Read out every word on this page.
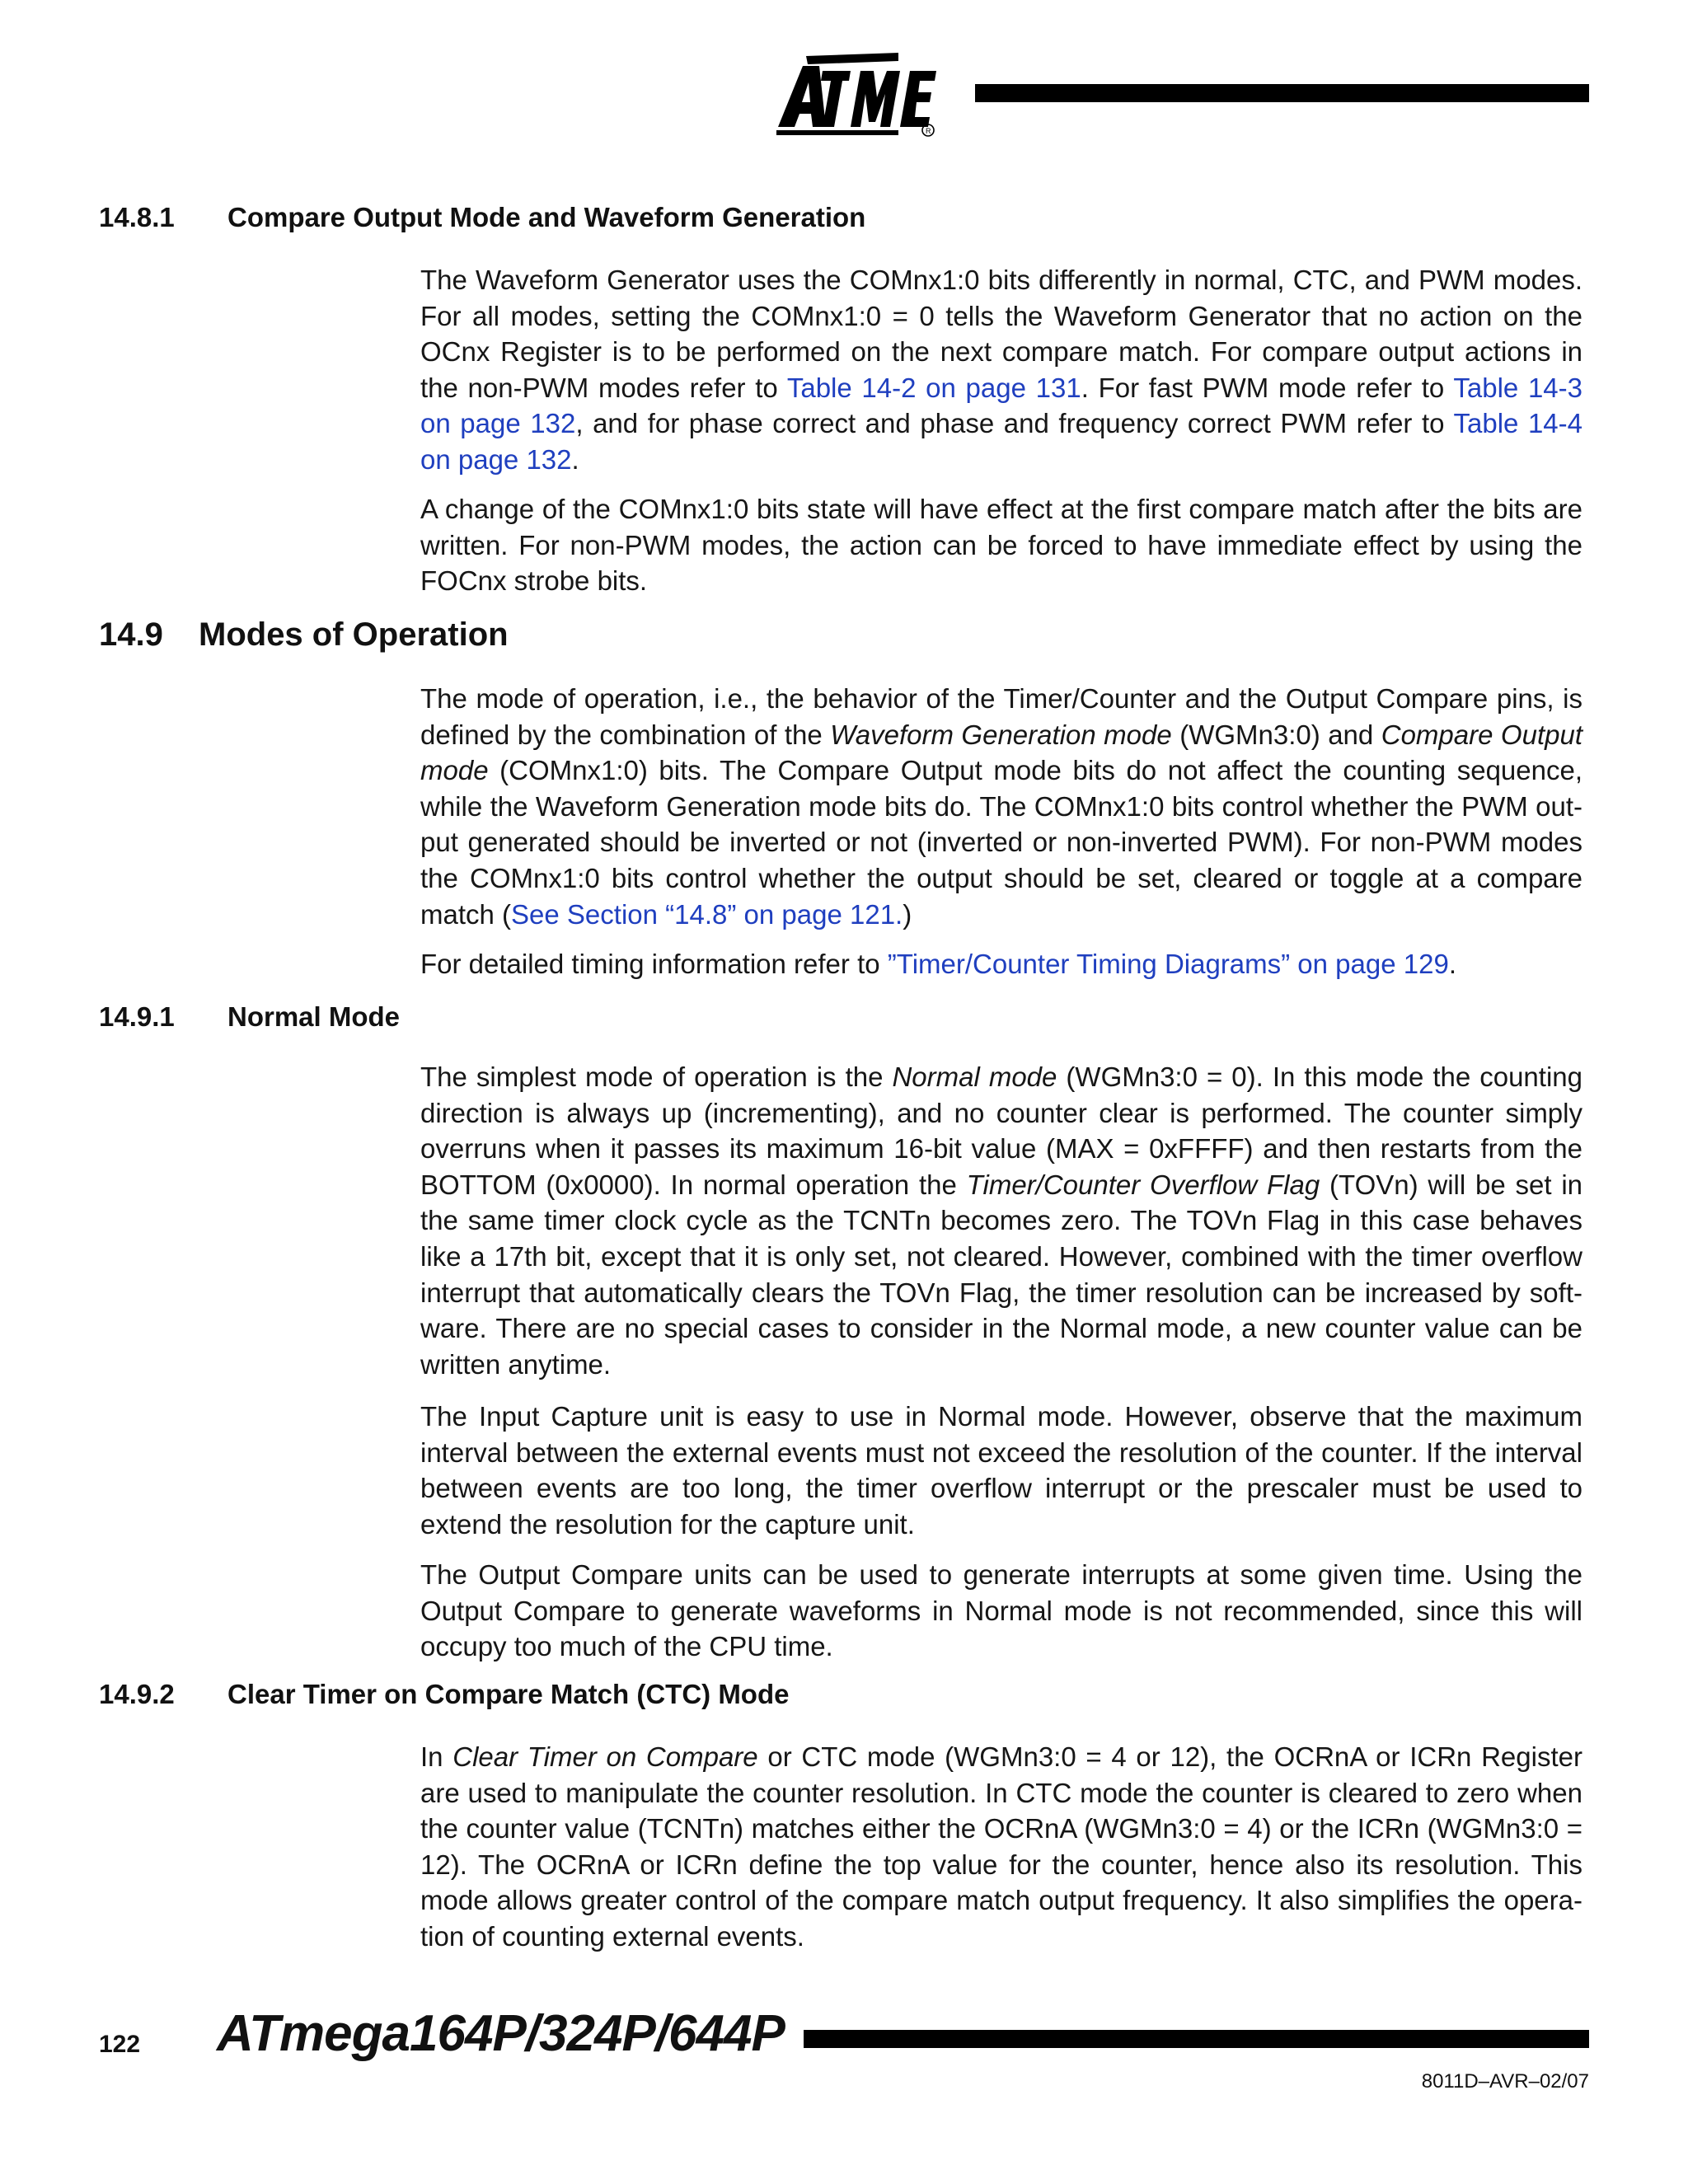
R
14.8.1 Compare Output Mode and Waveform Generation
The Waveform Generator uses the COMnx1:0 bits differently in normal, CTC, and PWM modes. For all modes, setting the COMnx1:0 = 0 tells the Waveform Generator that no action on the OCnx Register is to be performed on the next compare match. For compare output actions in the non-PWM modes refer to Table 14-2 on page 131. For fast PWM mode refer to Table 14-3 on page 132, and for phase correct and phase and frequency correct PWM refer to Table 14-4 on page 132.
A change of the COMnx1:0 bits state will have effect at the first compare match after the bits are written. For non-PWM modes, the action can be forced to have immediate effect by using the FOCnx strobe bits.
14.9 Modes of Operation
The mode of operation, i.e., the behavior of the Timer/Counter and the Output Compare pins, is defined by the combination of the Waveform Generation mode (WGMn3:0) and Compare Output mode (COMnx1:0) bits. The Compare Output mode bits do not affect the counting sequence, while the Waveform Generation mode bits do. The COMnx1:0 bits control whether the PWM out-put generated should be inverted or not (inverted or non-inverted PWM). For non-PWM modes the COMnx1:0 bits control whether the output should be set, cleared or toggle at a compare match (See Section “14.8” on page 121.)
For detailed timing information refer to ”Timer/Counter Timing Diagrams” on page 129.
14.9.1 Normal Mode
The simplest mode of operation is the Normal mode (WGMn3:0 = 0). In this mode the counting direction is always up (incrementing), and no counter clear is performed. The counter simply overruns when it passes its maximum 16-bit value (MAX = 0xFFFF) and then restarts from the BOTTOM (0x0000). In normal operation the Timer/Counter Overflow Flag (TOVn) will be set in the same timer clock cycle as the TCNTn becomes zero. The TOVn Flag in this case behaves like a 17th bit, except that it is only set, not cleared. However, combined with the timer overflow interrupt that automatically clears the TOVn Flag, the timer resolution can be increased by soft-ware. There are no special cases to consider in the Normal mode, a new counter value can be written anytime.
The Input Capture unit is easy to use in Normal mode. However, observe that the maximum interval between the external events must not exceed the resolution of the counter. If the interval between events are too long, the timer overflow interrupt or the prescaler must be used to extend the resolution for the capture unit.
The Output Compare units can be used to generate interrupts at some given time. Using the Output Compare to generate waveforms in Normal mode is not recommended, since this will occupy too much of the CPU time.
14.9.2 Clear Timer on Compare Match (CTC) Mode
In Clear Timer on Compare or CTC mode (WGMn3:0 = 4 or 12), the OCRnA or ICRn Register are used to manipulate the counter resolution. In CTC mode the counter is cleared to zero when the counter value (TCNTn) matches either the OCRnA (WGMn3:0 = 4) or the ICRn (WGMn3:0 = 12). The OCRnA or ICRn define the top value for the counter, hence also its resolution. This mode allows greater control of the compare match output frequency. It also simplifies the opera-tion of counting external events.
122 ATmega164P/324P/644P
8011D–AVR–02/07
